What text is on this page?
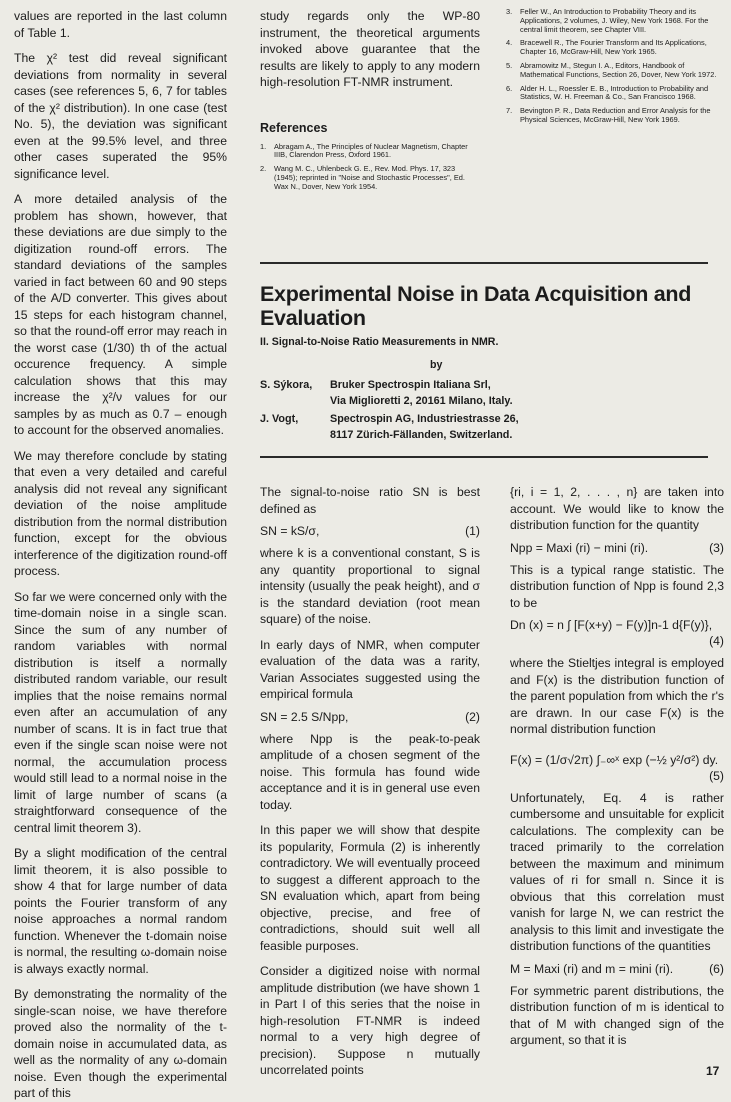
values are reported in the last column of Table 1.

The χ² test did reveal significant deviations from normality in several cases (see references 5, 6, 7 for tables of the χ² distribution). In one case (test No. 5), the deviation was significant even at the 99.5% level, and three other cases superated the 95% significance level.

A more detailed analysis of the problem has shown, however, that these deviations are due simply to the digitization round-off errors. The standard deviations of the samples varied in fact between 60 and 90 steps of the A/D converter. This gives about 15 steps for each histogram channel, so that the round-off error may reach in the worst case (1/30) th of the actual occurence frequency. A simple calculation shows that this may increase the χ²/ν values for our samples by as much as 0.7 – enough to account for the observed anomalies.

We may therefore conclude by stating that even a very detailed and careful analysis did not reveal any significant deviation of the noise amplitude distribution from the normal distribution function, except for the obvious interference of the digitization round-off process.

So far we were concerned only with the time-domain noise in a single scan. Since the sum of any number of random variables with normal distribution is itself a normally distributed random variable, our result implies that the noise remains normal even after an accumulation of any number of scans. It is in fact true that even if the single scan noise were not normal, the accumulation process would still lead to a normal noise in the limit of large number of scans (a straightforward consequence of the central limit theorem 3).

By a slight modification of the central limit theorem, it is also possible to show 4 that for large number of data points the Fourier transform of any noise approaches a normal random function. Whenever the t-domain noise is normal, the resulting ω-domain noise is always exactly normal.

By demonstrating the normality of the single-scan noise, we have therefore proved also the normality of the t-domain noise in accumulated data, as well as the normality of any ω-domain noise. Even though the experimental part of this

study regards only the WP-80 instrument, the theoretical arguments invoked above guarantee that the results are likely to apply to any modern high-resolution FT-NMR instrument.

References
1.	Abragam A., The Principles of Nuclear Magnetism, Chapter IIIB, Clarendon Press, Oxford 1961.
2.	Wang M. C., Uhlenbeck G. E., Rev. Mod. Phys. 17, 323 (1945); reprinted in "Noise and Stochastic Processes", Ed. Wax N., Dover, New York 1954.
3.	Feller W., An Introduction to Probability Theory and its Applications, 2 volumes, J. Wiley, New York 1968. For the central limit theorem, see Chapter VIII.
4.	Bracewell R., The Fourier Transform and Its Applications, Chapter 16, McGraw-Hill, New York 1965.
5.	Abramowitz M., Stegun I. A., Editors, Handbook of Mathematical Functions, Section 26, Dover, New York 1972.
6.	Alder H. L., Roessler E. B., Introduction to Probability and Statistics, W. H. Freeman & Co., San Francisco 1968.
7.	Bevington P. R., Data Reduction and Error Analysis for the Physical Sciences, McGraw-Hill, New York 1969.
Experimental Noise in Data Acquisition and Evaluation
II. Signal-to-Noise Ratio Measurements in NMR.
by
S. Sýkora,	Bruker Spectrospin Italiana Srl,
Via Miglioretti 2, 20161 Milano, Italy.
J. Vogt,	Spectrospin AG, Industriestrasse 26,
8117 Zürich-Fällanden, Switzerland.

The signal-to-noise ratio SN is best defined as

SN = kS/σ,	(1)

where k is a conventional constant, S is any quantity proportional to signal intensity (usually the peak height), and σ is the standard deviation (root mean square) of the noise.

In early days of NMR, when computer evaluation of the data was a rarity, Varian Associates suggested using the empirical formula

SN = 2.5 S/Npp,	(2)

where Npp is the peak-to-peak amplitude of a chosen segment of the noise. This formula has found wide acceptance and it is in general use even today.

In this paper we will show that despite its popularity, Formula (2) is inherently contradictory. We will eventually proceed to suggest a different approach to the SN evaluation which, apart from being objective, precise, and free of contradictions, should suit well all feasible purposes.

Consider a digitized noise with normal amplitude distribution (we have shown 1 in Part I of this series that the noise in high-resolution FT-NMR is indeed normal to a very high degree of precision). Suppose n mutually uncorrelated points

{ri, i = 1, 2, . . . , n} are taken into account. We would like to know the distribution function for the quantity

Npp = Maxi (ri) − mini (ri).	(3)

This is a typical range statistic. The distribution function of Npp is found 2,3 to be

Dn (x) = n ∫ [F(x+y) − F(y)]n-1 d{F(y)},
(4)

where the Stieltjes integral is employed and F(x) is the distribution function of the parent population from which the r's are drawn. In our case F(x) is the normal distribution function

F(x) = (1/σ√2π) ∫₋∞ˣ exp (−½ y²/σ²) dy.
(5)

Unfortunately, Eq. 4 is rather cumbersome and unsuitable for explicit calculations. The complexity can be traced primarily to the correlation between the maximum and minimum values of ri for small n. Since it is obvious that this correlation must vanish for large N, we can restrict the analysis to this limit and investigate the distribution functions of the quantities

M = Maxi (ri) and m = mini (ri).	(6)

For symmetric parent distributions, the distribution function of m is identical to that of M with changed sign of the argument, so that it is

17
